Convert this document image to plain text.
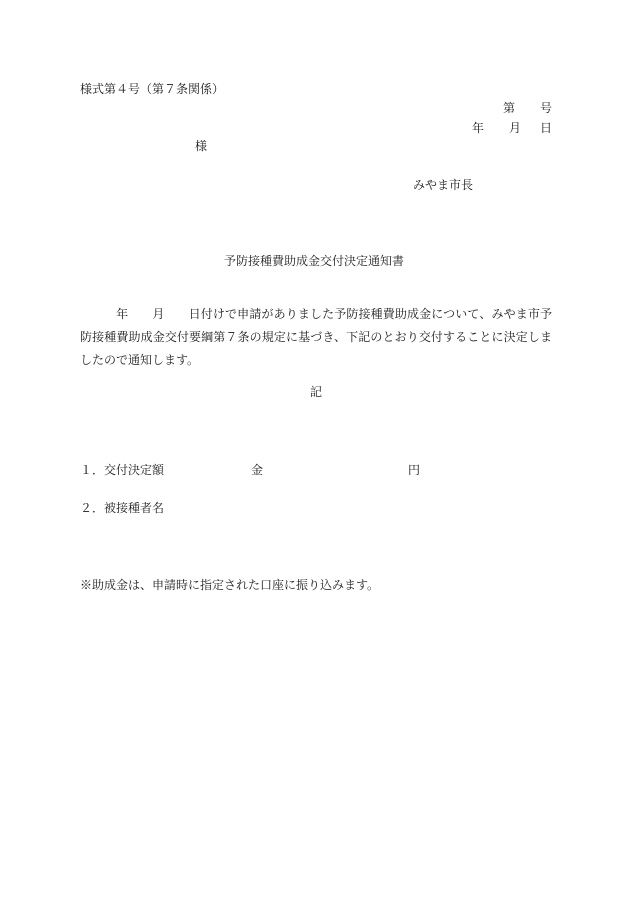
様式第４号（第７条関係）
第 号
年 月 日
様
みやま市長
予防接種費助成金交付決定通知書
年 月 日付けで申請がありました予防接種費助成金について、みやま市予防接種費助成金交付要綱第７条の規定に基づき、下記のとおり交付することに決定しましたので通知します。
記
１． 交付決定額	金	円
２． 被接種者名
※助成金は、申請時に指定された口座に振り込みます。
